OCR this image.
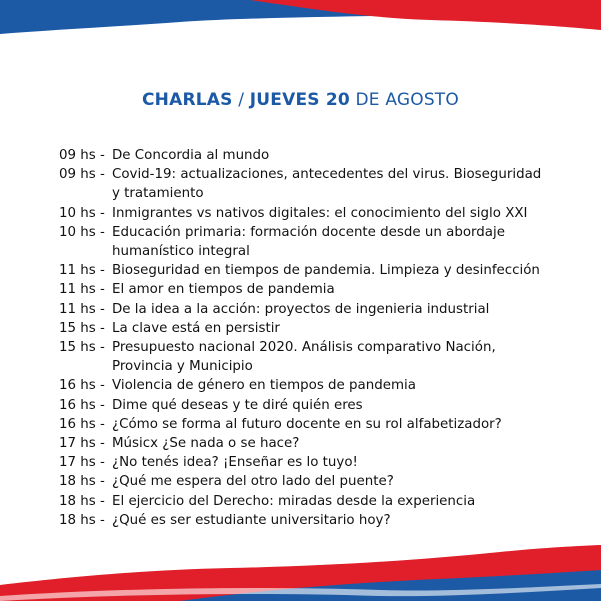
CHARLAS / JUEVES 20 DE AGOSTO
09 hs - De Concordia al mundo
09 hs - Covid-19: actualizaciones, antecedentes del virus. Bioseguridad
y tratamiento
10 hs - Inmigrantes vs nativos digitales: el conocimiento del siglo XXI
10 hs - Educación primaria: formación docente desde un abordaje
humanístico integral
11 hs - Bioseguridad en tiempos de pandemia. Limpieza y desinfección
11 hs - El amor en tiempos de pandemia
11 hs - De la idea a la acción: proyectos de ingenieria industrial
15 hs - La clave está en persistir
15 hs - Presupuesto nacional 2020. Análisis comparativo Nación,
Provincia y Municipio
16 hs - Violencia de género en tiempos de pandemia
16 hs - Dime qué deseas y te diré quién eres
16 hs - ¿Cómo se forma al futuro docente en su rol alfabetizador?
17 hs - Músicx ¿Se nada o se hace?
17 hs - ¿No tenés idea? ¡Enseñar es lo tuyo!
18 hs - ¿Qué me espera del otro lado del puente?
18 hs - El ejercicio del Derecho: miradas desde la experiencia
18 hs - ¿Qué es ser estudiante universitario hoy?
